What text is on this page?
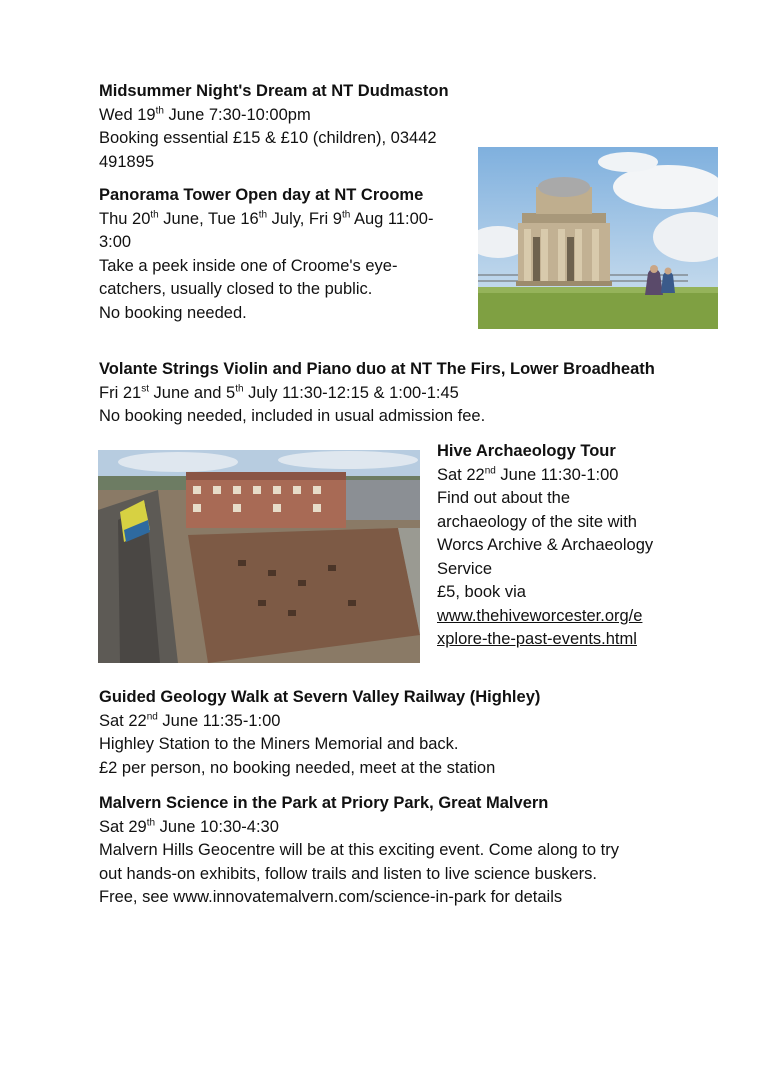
Midsummer Night's Dream at NT Dudmaston
Wed 19th June 7:30-10:00pm
Booking essential £15 & £10 (children), 03442
491895
Panorama Tower Open day at NT Croome
Thu 20th June, Tue 16th July, Fri 9th Aug 11:00-
3:00
Take a peek inside one of Croome's eye-
catchers, usually closed to the public.
No booking needed.
Volante Strings Violin and Piano duo at NT The Firs, Lower Broadheath
Fri 21st June and 5th July 11:30-12:15 & 1:00-1:45
No booking needed, included in usual admission fee.
Hive Archaeology Tour
Sat 22nd June 11:30-1:00
Find out about the
archaeology of the site with
Worcs Archive & Archaeology
Service
£5, book via
www.thehiveworcester.org/e
xplore-the-past-events.html
Guided Geology Walk at Severn Valley Railway (Highley)
Sat 22nd June 11:35-1:00
Highley Station to the Miners Memorial and back.
£2 per person, no booking needed, meet at the station
Malvern Science in the Park at Priory Park, Great Malvern
Sat 29th June 10:30-4:30
Malvern Hills Geocentre will be at this exciting event. Come along to try
out hands-on exhibits, follow trails and listen to live science buskers.
Free, see www.innovatemalvern.com/science-in-park for details
